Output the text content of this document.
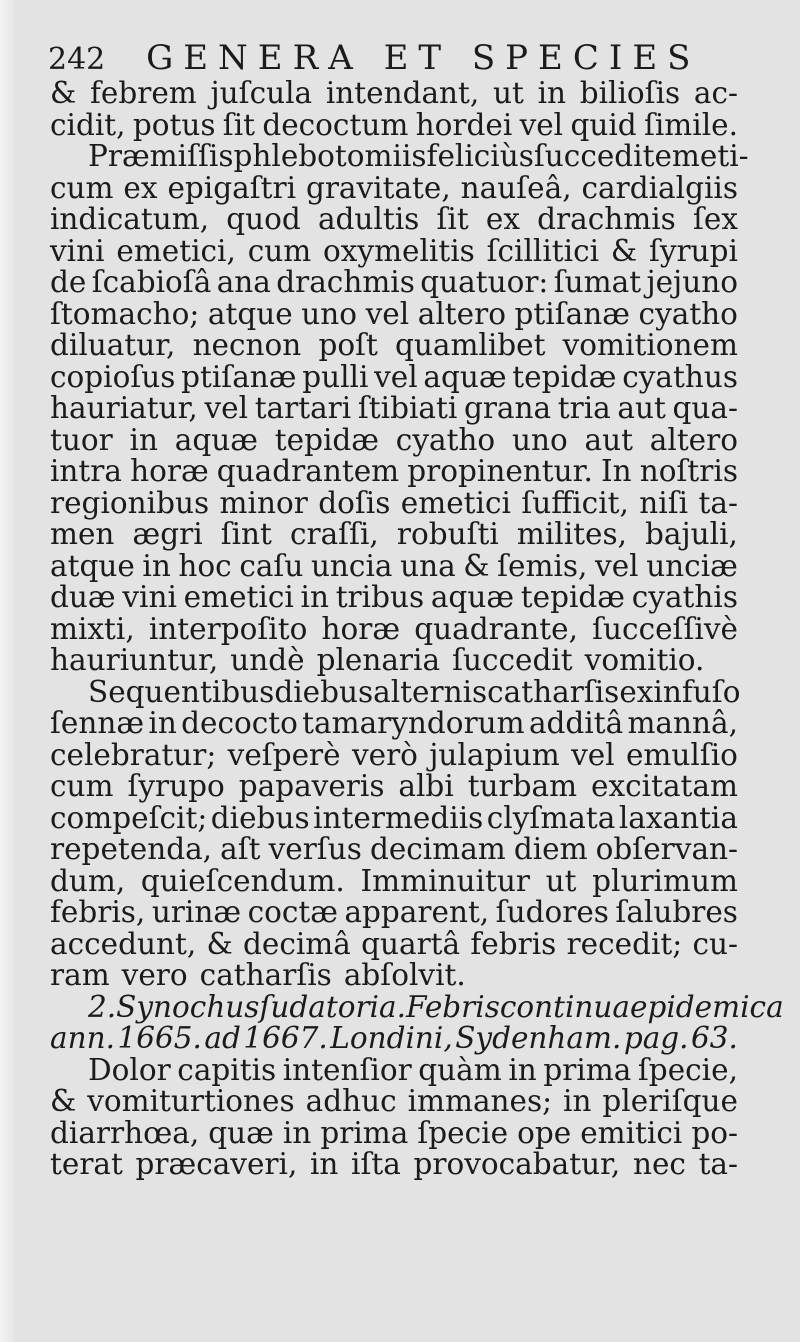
242 GENERA ET SPECIES
& febrem juſcula intendant, ut in bilioſis ac-
cidit, potus ſit decoctum hordei vel quid ſimile.
Præmiſſis phlebotomiis feliciùs ſuccedit emeti-
cum ex epigaſtri gravitate, nauſeâ, cardialgiis
indicatum, quod adultis ſit ex drachmis ſex
vini emetici, cum oxymelitis ſcillitici & ſyrupi
de ſcabioſâ ana drachmis quatuor: ſumat jejuno
ſtomacho; atque uno vel altero ptiſanæ cyatho
diluatur, necnon poſt quamlibet vomitionem
copioſus ptiſanæ pulli vel aquæ tepidæ cyathus
hauriatur, vel tartari ſtibiati grana tria aut qua-
tuor in aquæ tepidæ cyatho uno aut altero
intra horæ quadrantem propinentur. In noſtris
regionibus minor doſis emetici ſufficit, niſi ta-
men ægri ſint craſſi, robuſti milites, bajuli,
atque in hoc caſu uncia una & ſemis, vel unciæ
duæ vini emetici in tribus aquæ tepidæ cyathis
mixti, interpoſito horæ quadrante, ſucceſſivè
hauriuntur, undè plenaria ſuccedit vomitio.
Sequentibus diebus alternis catharſis ex infuſo
ſennæ in decocto tamaryndorum additâ mannâ,
celebratur; veſperè verò julapium vel emulſio
cum ſyrupo papaveris albi turbam excitatam
compeſcit; diebus intermediis clyſmata laxantia
repetenda, aſt verſus decimam diem obſervan-
dum, quieſcendum. Imminuitur ut plurimum
febris, urinæ coctæ apparent, ſudores ſalubres
accedunt, & decimâ quartâ febris recedit; cu-
ram vero catharſis abſolvit.
2. Synochus ſudatoria. Febris continua epidemica
ann. 1665. ad 1667. Londini, Sydenham. pag. 63.
Dolor capitis intenſior quàm in prima ſpecie,
& vomiturtiones adhuc immanes; in pleriſque
diarrhœa, quæ in prima ſpecie ope emitici po-
terat præcaveri, in iſta provocabatur, nec ta-
